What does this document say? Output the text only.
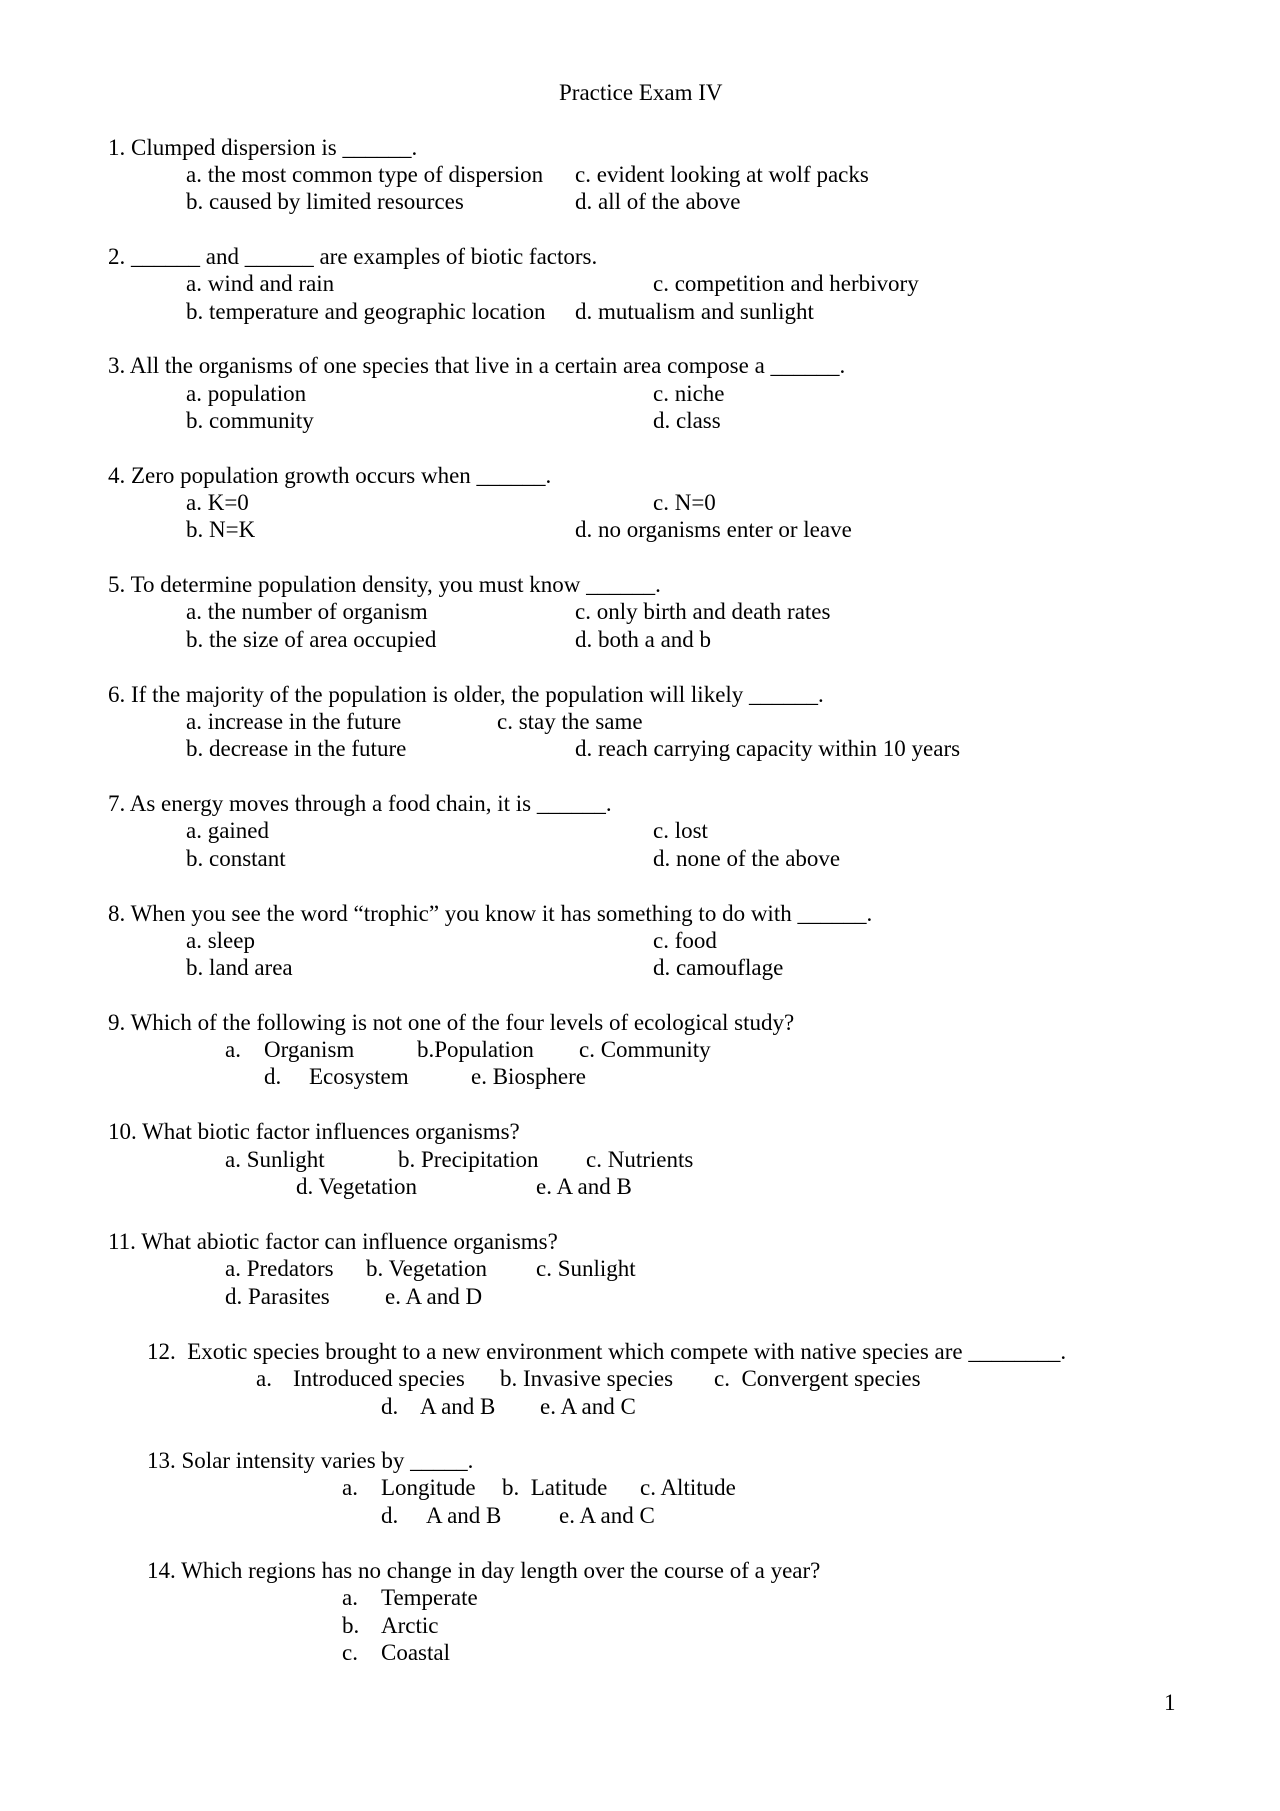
Practice Exam IV
1. Clumped dispersion is ______.
a. the most common type of dispersion c. evident looking at wolf packs
b. caused by limited resources	d. all of the above
2. ______ and ______ are examples of biotic factors.
a. wind and rain	c. competition and herbivory
b. temperature and geographic location d. mutualism and sunlight
3. All the organisms of one species that live in a certain area compose a ______.
a. population	c. niche
b. community	d. class
4. Zero population growth occurs when ______.
a. K=0	c. N=0
b. N=K	d. no organisms enter or leave
5. To determine population density, you must know ______.
a. the number of organism	c. only birth and death rates
b. the size of area occupied	d. both a and b
6. If the majority of the population is older, the population will likely ______.
a. increase in the future	c. stay the same
b. decrease in the future	d. reach carrying capacity within 10 years
7. As energy moves through a food chain, it is ______.
a. gained	c. lost
b. constant	d. none of the above
8. When you see the word “trophic” you know it has something to do with ______.
a. sleep	c. food
b. land area	d. camouflage
9. Which of the following is not one of the four levels of ecological study?
a. Organism	b.Population c. Community
d. Ecosystem	e. Biosphere
10. What biotic factor influences organisms?
a. Sunlight	b. Precipitation c. Nutrients
d. Vegetation	e. A and B
11. What abiotic factor can influence organisms?
a. Predators b. Vegetation c. Sunlight
d. Parasites e. A and D
12.  Exotic species brought to a new environment which compete with native species are ________.
a. Introduced species b. Invasive species c.  Convergent species
d. A and B e. A and C
13. Solar intensity varies by _____.
a. Longitude b.  Latitude c. Altitude
d. A and B	e. A and C
14. Which regions has no change in day length over the course of a year?
a. Temperate
b. Arctic
c. Coastal
1
